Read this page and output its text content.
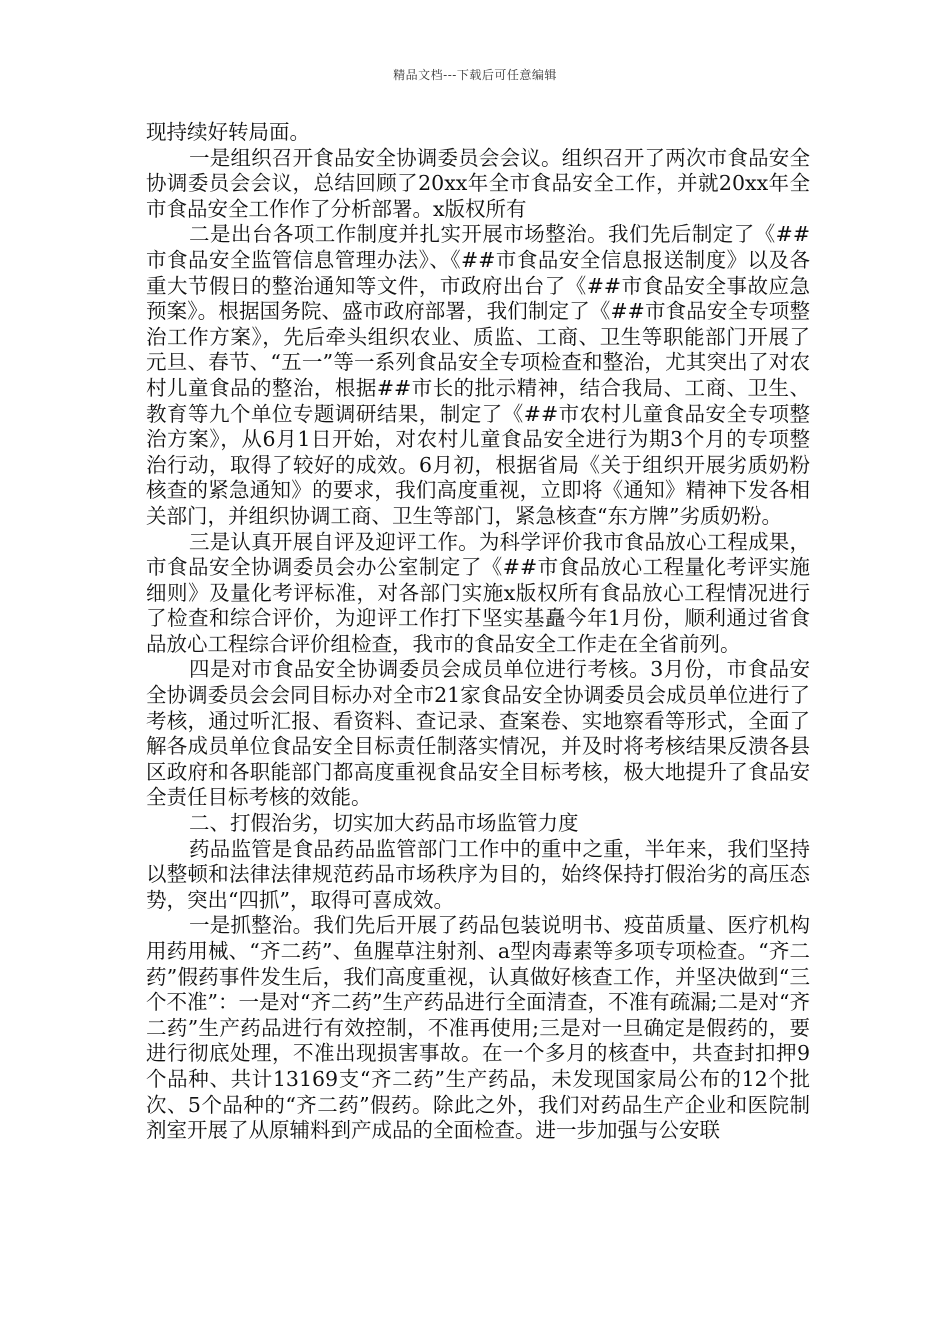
精品文档---下载后可任意编辑

现持续好转局面。

一是组织召开食品安全协调委员会会议。组织召开了两次市食品安全协调委员会会议，总结回顾了20xx年全市食品安全工作，并就20xx年全市食品安全工作作了分析部署。x版权所有

二是出台各项工作制度并扎实开展市场整治。我们先后制定了《##市食品安全监管信息管理办法》、《##市食品安全信息报送制度》以及各重大节假日的整治通知等文件，市政府出台了《##市食品安全事故应急预案》。根据国务院、盛市政府部署，我们制定了《##市食品安全专项整治工作方案》，先后牵头组织农业、质监、工商、卫生等职能部门开展了元旦、春节、“五一”等一系列食品安全专项检查和整治，尤其突出了对农村儿童食品的整治，根据##市长的批示精神，结合我局、工商、卫生、教育等九个单位专题调研结果，制定了《##市农村儿童食品安全专项整治方案》，从6月1日开始，对农村儿童食品安全进行为期3个月的专项整治行动，取得了较好的成效。6月初，根据省局《关于组织开展劣质奶粉核查的紧急通知》的要求，我们高度重视，立即将《通知》精神下发各相关部门，并组织协调工商、卫生等部门，紧急核查“东方牌”劣质奶粉。

三是认真开展自评及迎评工作。为科学评价我市食品放心工程成果，市食品安全协调委员会办公室制定了《##市食品放心工程量化考评实施细则》及量化考评标准，对各部门实施x版权所有食品放心工程情况进行了检查和综合评价，为迎评工作打下坚实基矗今年1月份，顺利通过省食品放心工程综合评价组检查，我市的食品安全工作走在全省前列。

四是对市食品安全协调委员会成员单位进行考核。3月份，市食品安全协调委员会会同目标办对全市21家食品安全协调委员会成员单位进行了考核，通过听汇报、看资料、查记录、查案卷、实地察看等形式，全面了解各成员单位食品安全目标责任制落实情况，并及时将考核结果反溃各县区政府和各职能部门都高度重视食品安全目标考核，极大地提升了食品安全责任目标考核的效能。

二、打假治劣，切实加大药品市场监管力度

药品监管是食品药品监管部门工作中的重中之重，半年来，我们坚持以整顿和法律法律规范药品市场秩序为目的，始终保持打假治劣的高压态势，突出“四抓”，取得可喜成效。

一是抓整治。我们先后开展了药品包装说明书、疫苗质量、医疗机构用药用械、“齐二药”、鱼腥草注射剂、a型肉毒素等多项专项检查。“齐二药”假药事件发生后，我们高度重视，认真做好核查工作，并坚决做到“三个不准”：一是对“齐二药”生产药品进行全面清查，不准有疏漏;二是对“齐二药”生产药品进行有效控制，不准再使用;三是对一旦确定是假药的，要进行彻底处理，不准出现损害事故。在一个多月的核查中，共查封扣押9个品种、共计13169支“齐二药”生产药品，未发现国家局公布的12个批次、5个品种的“齐二药”假药。除此之外，我们对药品生产企业和医院制剂室开展了从原辅料到产成品的全面检查。进一步加强与公安联
